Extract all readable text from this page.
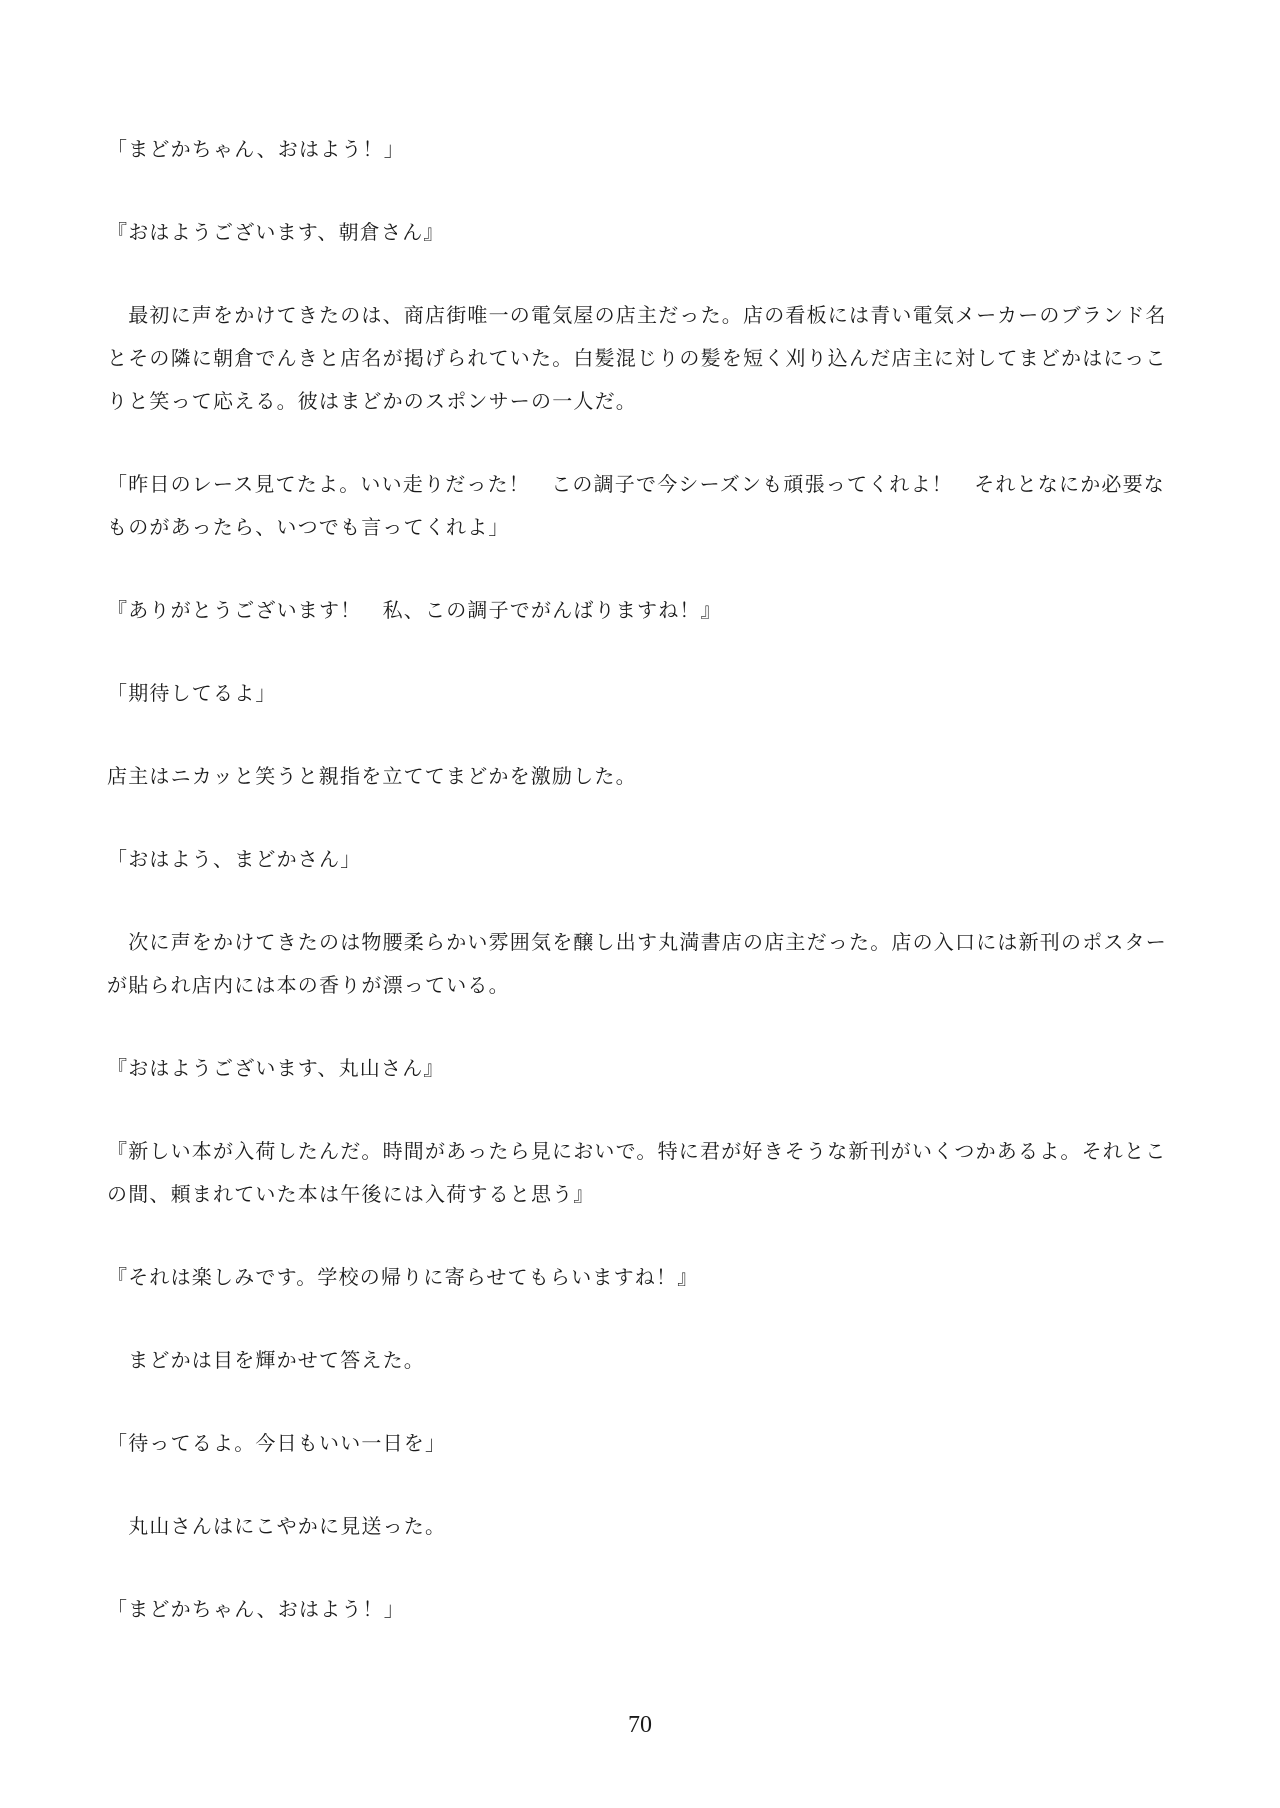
「まどかちゃん、おはよう！」

『おはようございます、朝倉さん』

　最初に声をかけてきたのは、商店街唯一の電気屋の店主だった。店の看板には青い電気メーカーのブランド名とその隣に朝倉でんきと店名が掲げられていた。白髪混じりの髪を短く刈り込んだ店主に対してまどかはにっこりと笑って応える。彼はまどかのスポンサーの一人だ。

「昨日のレース見てたよ。いい走りだった！　この調子で今シーズンも頑張ってくれよ！　それとなにか必要なものがあったら、いつでも言ってくれよ」

『ありがとうございます！　私、この調子でがんばりますね！』

「期待してるよ」

店主はニカッと笑うと親指を立ててまどかを激励した。

「おはよう、まどかさん」

　次に声をかけてきたのは物腰柔らかい雰囲気を醸し出す丸満書店の店主だった。店の入口には新刊のポスターが貼られ店内には本の香りが漂っている。

『おはようございます、丸山さん』

『新しい本が入荷したんだ。時間があったら見においで。特に君が好きそうな新刊がいくつかあるよ。それとこの間、頼まれていた本は午後には入荷すると思う』

『それは楽しみです。学校の帰りに寄らせてもらいますね！』

　まどかは目を輝かせて答えた。

「待ってるよ。今日もいい一日を」

　丸山さんはにこやかに見送った。

「まどかちゃん、おはよう！」

70
